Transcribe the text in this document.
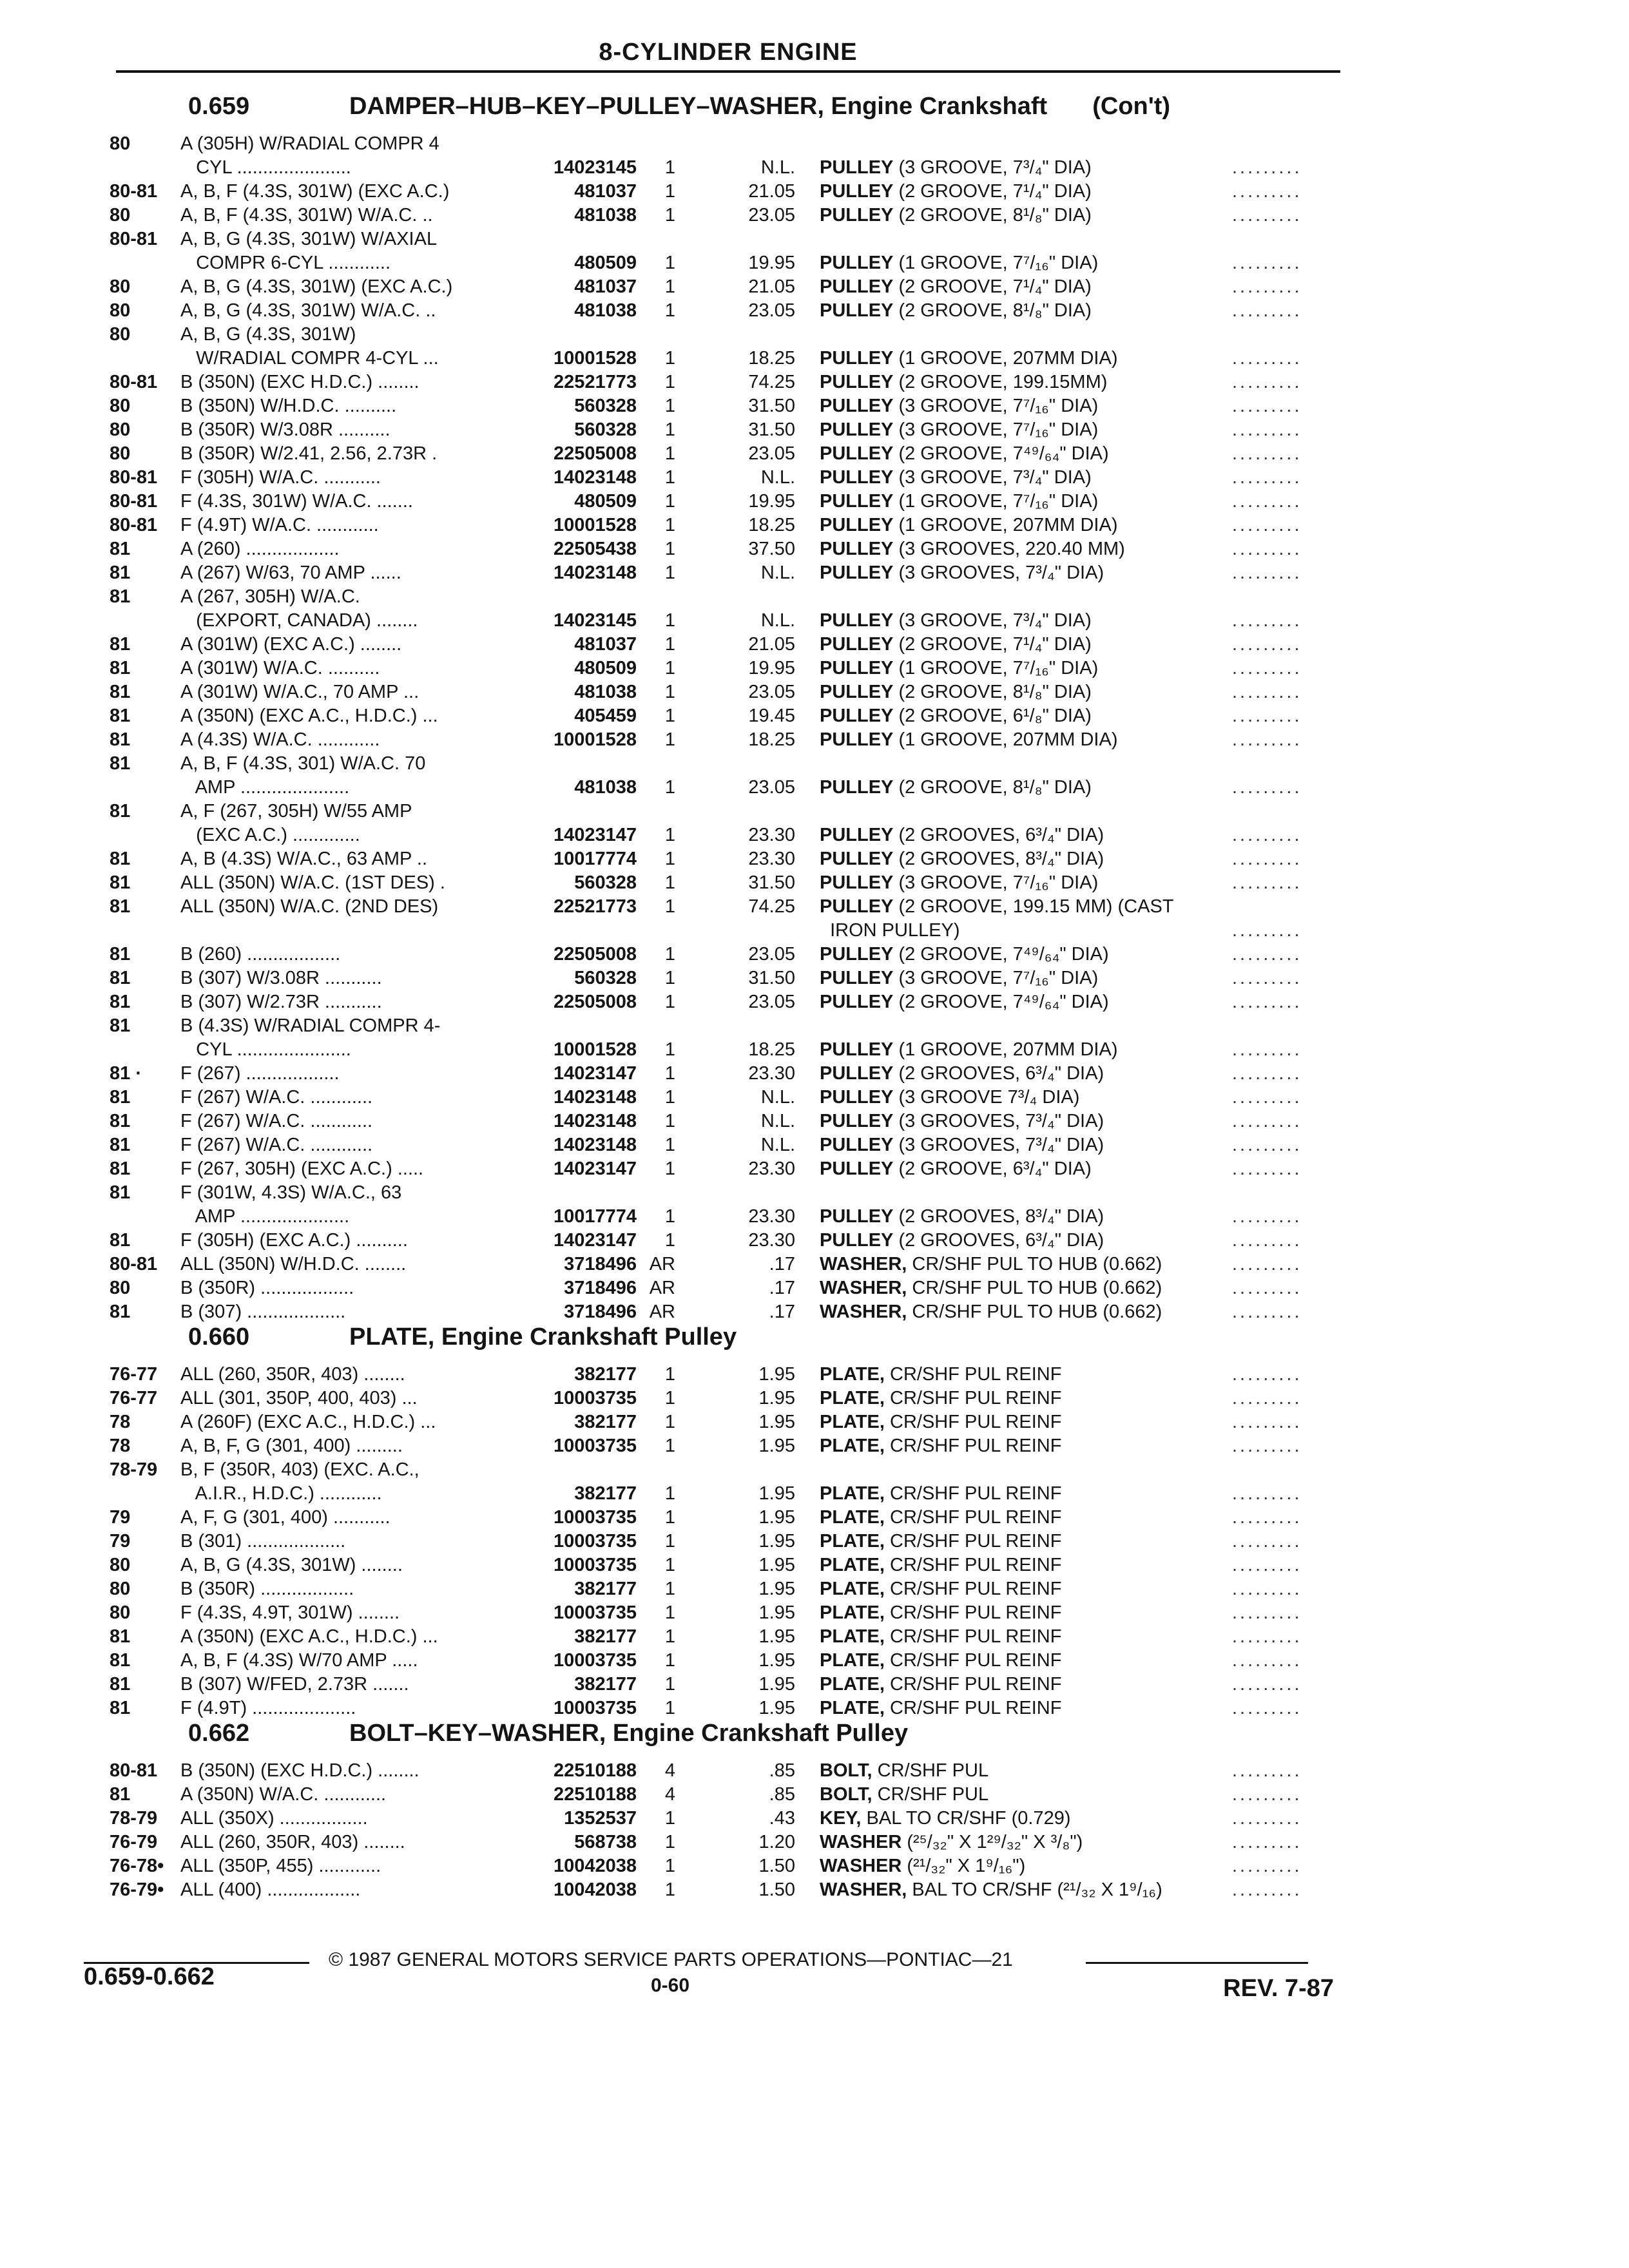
8-CYLINDER ENGINE
0.659	DAMPER–HUB–KEY–PULLEY–WASHER, Engine Crankshaft (Con't)
80	A (305H) W/RADIAL COMPR 4
CYL ......................	14023145	1	N.L. PULLEY (3 GROOVE, 7³/₄" DIA)	.........
80-81	A, B, F (4.3S, 301W) (EXC A.C.)	481037	1	21.05 PULLEY (2 GROOVE, 7¹/₄" DIA)	.........
80	A, B, F (4.3S, 301W) W/A.C. ..	481038	1	23.05 PULLEY (2 GROOVE, 8¹/₈" DIA)	.........
80-81	A, B, G (4.3S, 301W) W/AXIAL
COMPR 6-CYL ............	480509	1	19.95 PULLEY (1 GROOVE, 7⁷/₁₆" DIA)	.........
80	A, B, G (4.3S, 301W) (EXC A.C.)	481037	1	21.05 PULLEY (2 GROOVE, 7¹/₄" DIA)	.........
80	A, B, G (4.3S, 301W) W/A.C. ..	481038	1	23.05 PULLEY (2 GROOVE, 8¹/₈" DIA)	.........
80	A, B, G (4.3S, 301W)
W/RADIAL COMPR 4-CYL ...	10001528	1	18.25 PULLEY (1 GROOVE, 207MM DIA)	.........
80-81	B (350N) (EXC H.D.C.) ........	22521773	1	74.25 PULLEY (2 GROOVE, 199.15MM)	.........
80	B (350N) W/H.D.C. ..........	560328	1	31.50 PULLEY (3 GROOVE, 7⁷/₁₆" DIA)	.........
80	B (350R) W/3.08R ..........	560328	1	31.50 PULLEY (3 GROOVE, 7⁷/₁₆" DIA)	.........
80	B (350R) W/2.41, 2.56, 2.73R .	22505008	1	23.05 PULLEY (2 GROOVE, 7⁴⁹/₆₄" DIA)	.........
80-81	F (305H) W/A.C. ...........	14023148	1	N.L. PULLEY (3 GROOVE, 7³/₄" DIA)	.........
80-81	F (4.3S, 301W) W/A.C. .......	480509	1	19.95 PULLEY (1 GROOVE, 7⁷/₁₆" DIA)	.........
80-81	F (4.9T) W/A.C. ............	10001528	1	18.25 PULLEY (1 GROOVE, 207MM DIA)	.........
81	A (260) ..................	22505438	1	37.50 PULLEY (3 GROOVES, 220.40 MM)	.........
81	A (267) W/63, 70 AMP ......	14023148	1	N.L. PULLEY (3 GROOVES, 7³/₄" DIA)	.........
81	A (267, 305H) W/A.C.
(EXPORT, CANADA) ........	14023145	1	N.L. PULLEY (3 GROOVE, 7³/₄" DIA)	.........
81	A (301W) (EXC A.C.) ........	481037	1	21.05 PULLEY (2 GROOVE, 7¹/₄" DIA)	.........
81	A (301W) W/A.C. ..........	480509	1	19.95 PULLEY (1 GROOVE, 7⁷/₁₆" DIA)	.........
81	A (301W) W/A.C., 70 AMP ...	481038	1	23.05 PULLEY (2 GROOVE, 8¹/₈" DIA)	.........
81	A (350N) (EXC A.C., H.D.C.) ...	405459	1	19.45 PULLEY (2 GROOVE, 6¹/₈" DIA)	.........
81	A (4.3S) W/A.C. ............	10001528	1	18.25 PULLEY (1 GROOVE, 207MM DIA)	.........
81	A, B, F (4.3S, 301) W/A.C. 70
AMP .....................	481038	1	23.05 PULLEY (2 GROOVE, 8¹/₈" DIA)	.........
81	A, F (267, 305H) W/55 AMP
(EXC A.C.) .............	14023147	1	23.30 PULLEY (2 GROOVES, 6³/₄" DIA)	.........
81	A, B (4.3S) W/A.C., 63 AMP ..	10017774	1	23.30 PULLEY (2 GROOVES, 8³/₄" DIA)	.........
81	ALL (350N) W/A.C. (1ST DES) .	560328	1	31.50 PULLEY (3 GROOVE, 7⁷/₁₆" DIA)	.........
81	ALL (350N) W/A.C. (2ND DES)	22521773	1	74.25 PULLEY (2 GROOVE, 199.15 MM) (CAST
IRON PULLEY)	.........
81	B (260) ..................	22505008	1	23.05 PULLEY (2 GROOVE, 7⁴⁹/₆₄" DIA)	.........
81	B (307) W/3.08R ...........	560328	1	31.50 PULLEY (3 GROOVE, 7⁷/₁₆" DIA)	.........
81	B (307) W/2.73R ...........	22505008	1	23.05 PULLEY (2 GROOVE, 7⁴⁹/₆₄" DIA)	.........
81	B (4.3S) W/RADIAL COMPR 4-
CYL ......................	10001528	1	18.25 PULLEY (1 GROOVE, 207MM DIA)	.........
81 ·	F (267) ..................	14023147	1	23.30 PULLEY (2 GROOVES, 6³/₄" DIA)	.........
81	F (267) W/A.C. ............	14023148	1	N.L. PULLEY (3 GROOVE 7³/₄ DIA)	.........
81	F (267) W/A.C. ............	14023148	1	N.L. PULLEY (3 GROOVES, 7³/₄" DIA)	.........
81	F (267) W/A.C. ............	14023148	1	N.L. PULLEY (3 GROOVES, 7³/₄" DIA)	.........
81	F (267, 305H) (EXC A.C.) .....	14023147	1	23.30 PULLEY (2 GROOVE, 6³/₄" DIA)	.........
81	F (301W, 4.3S) W/A.C., 63
AMP .....................	10017774	1	23.30 PULLEY (2 GROOVES, 8³/₄" DIA)	.........
81	F (305H) (EXC A.C.) ..........	14023147	1	23.30 PULLEY (2 GROOVES, 6³/₄" DIA)	.........
80-81	ALL (350N) W/H.D.C. ........	3718496 AR	.17 WASHER, CR/SHF PUL TO HUB (0.662)	.........
80	B (350R) ..................	3718496 AR	.17 WASHER, CR/SHF PUL TO HUB (0.662)	.........
81	B (307) ...................	3718496 AR	.17 WASHER, CR/SHF PUL TO HUB (0.662)	.........
0.660	PLATE, Engine Crankshaft Pulley
76-77	ALL (260, 350R, 403) ........	382177	1	1.95 PLATE, CR/SHF PUL REINF	.........
76-77	ALL (301, 350P, 400, 403) ...	10003735	1	1.95 PLATE, CR/SHF PUL REINF	.........
78	A (260F) (EXC A.C., H.D.C.) ...	382177	1	1.95 PLATE, CR/SHF PUL REINF	.........
78	A, B, F, G (301, 400) .........	10003735	1	1.95 PLATE, CR/SHF PUL REINF	.........
78-79	B, F (350R, 403) (EXC. A.C.,
A.I.R., H.D.C.) ............	382177	1	1.95 PLATE, CR/SHF PUL REINF	.........
79	A, F, G (301, 400) ...........	10003735	1	1.95 PLATE, CR/SHF PUL REINF	.........
79	B (301) ...................	10003735	1	1.95 PLATE, CR/SHF PUL REINF	.........
80	A, B, G (4.3S, 301W) ........	10003735	1	1.95 PLATE, CR/SHF PUL REINF	.........
80	B (350R) ..................	382177	1	1.95 PLATE, CR/SHF PUL REINF	.........
80	F (4.3S, 4.9T, 301W) ........	10003735	1	1.95 PLATE, CR/SHF PUL REINF	.........
81	A (350N) (EXC A.C., H.D.C.) ...	382177	1	1.95 PLATE, CR/SHF PUL REINF	.........
81	A, B, F (4.3S) W/70 AMP .....	10003735	1	1.95 PLATE, CR/SHF PUL REINF	.........
81	B (307) W/FED, 2.73R .......	382177	1	1.95 PLATE, CR/SHF PUL REINF	.........
81	F (4.9T) ....................	10003735	1	1.95 PLATE, CR/SHF PUL REINF	.........
0.662	BOLT–KEY–WASHER, Engine Crankshaft Pulley
80-81	B (350N) (EXC H.D.C.) ........	22510188	4	.85 BOLT, CR/SHF PUL	.........
81	A (350N) W/A.C. ............	22510188	4	.85 BOLT, CR/SHF PUL	.........
78-79	ALL (350X) .................	1352537	1	.43 KEY, BAL TO CR/SHF (0.729)	.........
76-79	ALL (260, 350R, 403) ........	568738	1	1.20 WASHER (²⁵/₃₂" X 1²⁹/₃₂" X ³/₈")	.........
76-78• ALL (350P, 455) ............	10042038	1	1.50 WASHER (²¹/₃₂" X 1⁹/₁₆")	.........
76-79• ALL (400) ..................	10042038	1	1.50 WASHER, BAL TO CR/SHF (²¹/₃₂ X 1⁹/₁₆)	.........
0.659-0.662
© 1987 GENERAL MOTORS SERVICE PARTS OPERATIONS—PONTIAC—21
0-60	REV. 7-87
